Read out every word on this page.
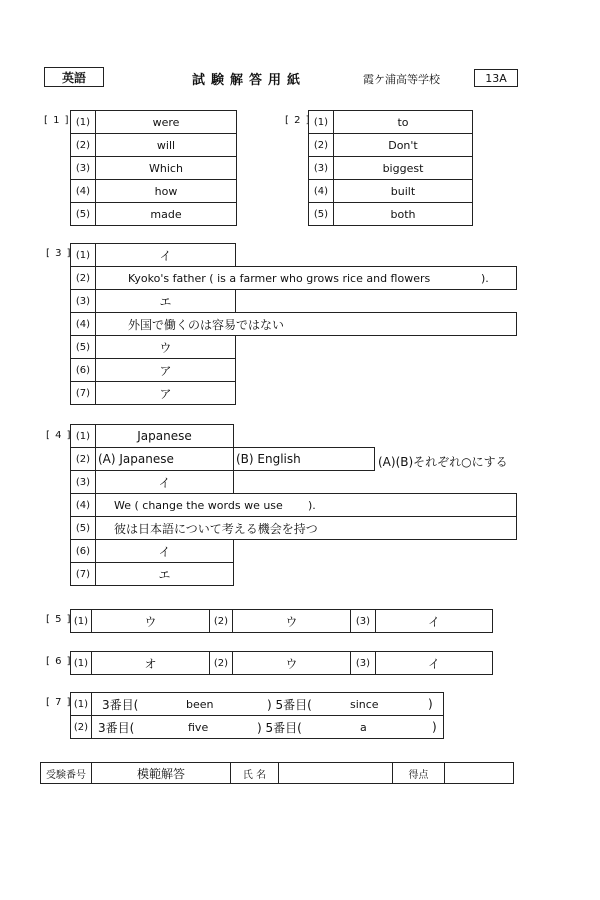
英語	試験解答用紙	霞ケ浦高等学校	13A
[ 1 ] (1)	were
(2)	will
(3)	Which
(4)	how
(5)	made
[ 2 ] (1)	to
(2)	Don't
(3)	biggest
(4)	built
(5)	both
[ 3 ] (1)	イ
(2)	Kyoko's father ( is a farmer who grows rice and flowers	).
(3)	エ
(4)	外国で働くのは容易ではない
(5)	ウ
(6)	ア
(7)	ア
[ 4 ] (1)	Japanese
(2) (A) Japanese	(B) English	(A)(B)それぞれ○にする
(3)	イ
(4)	We ( change the words we use ).
(5)	彼は日本語について考える機会を持つ
(6)	イ
(7)	エ
[ 5 ] (1)	ウ	(2)	ウ	(3)	イ
[ 6 ] (1)	オ	(2)	ウ	(3)	イ
[ 7 ] (1)	3番目(	been	) 5番目(	since	)
(2) 3番目(	five	) 5番目(	a	)
受験番号	模範解答	氏 名	得点
